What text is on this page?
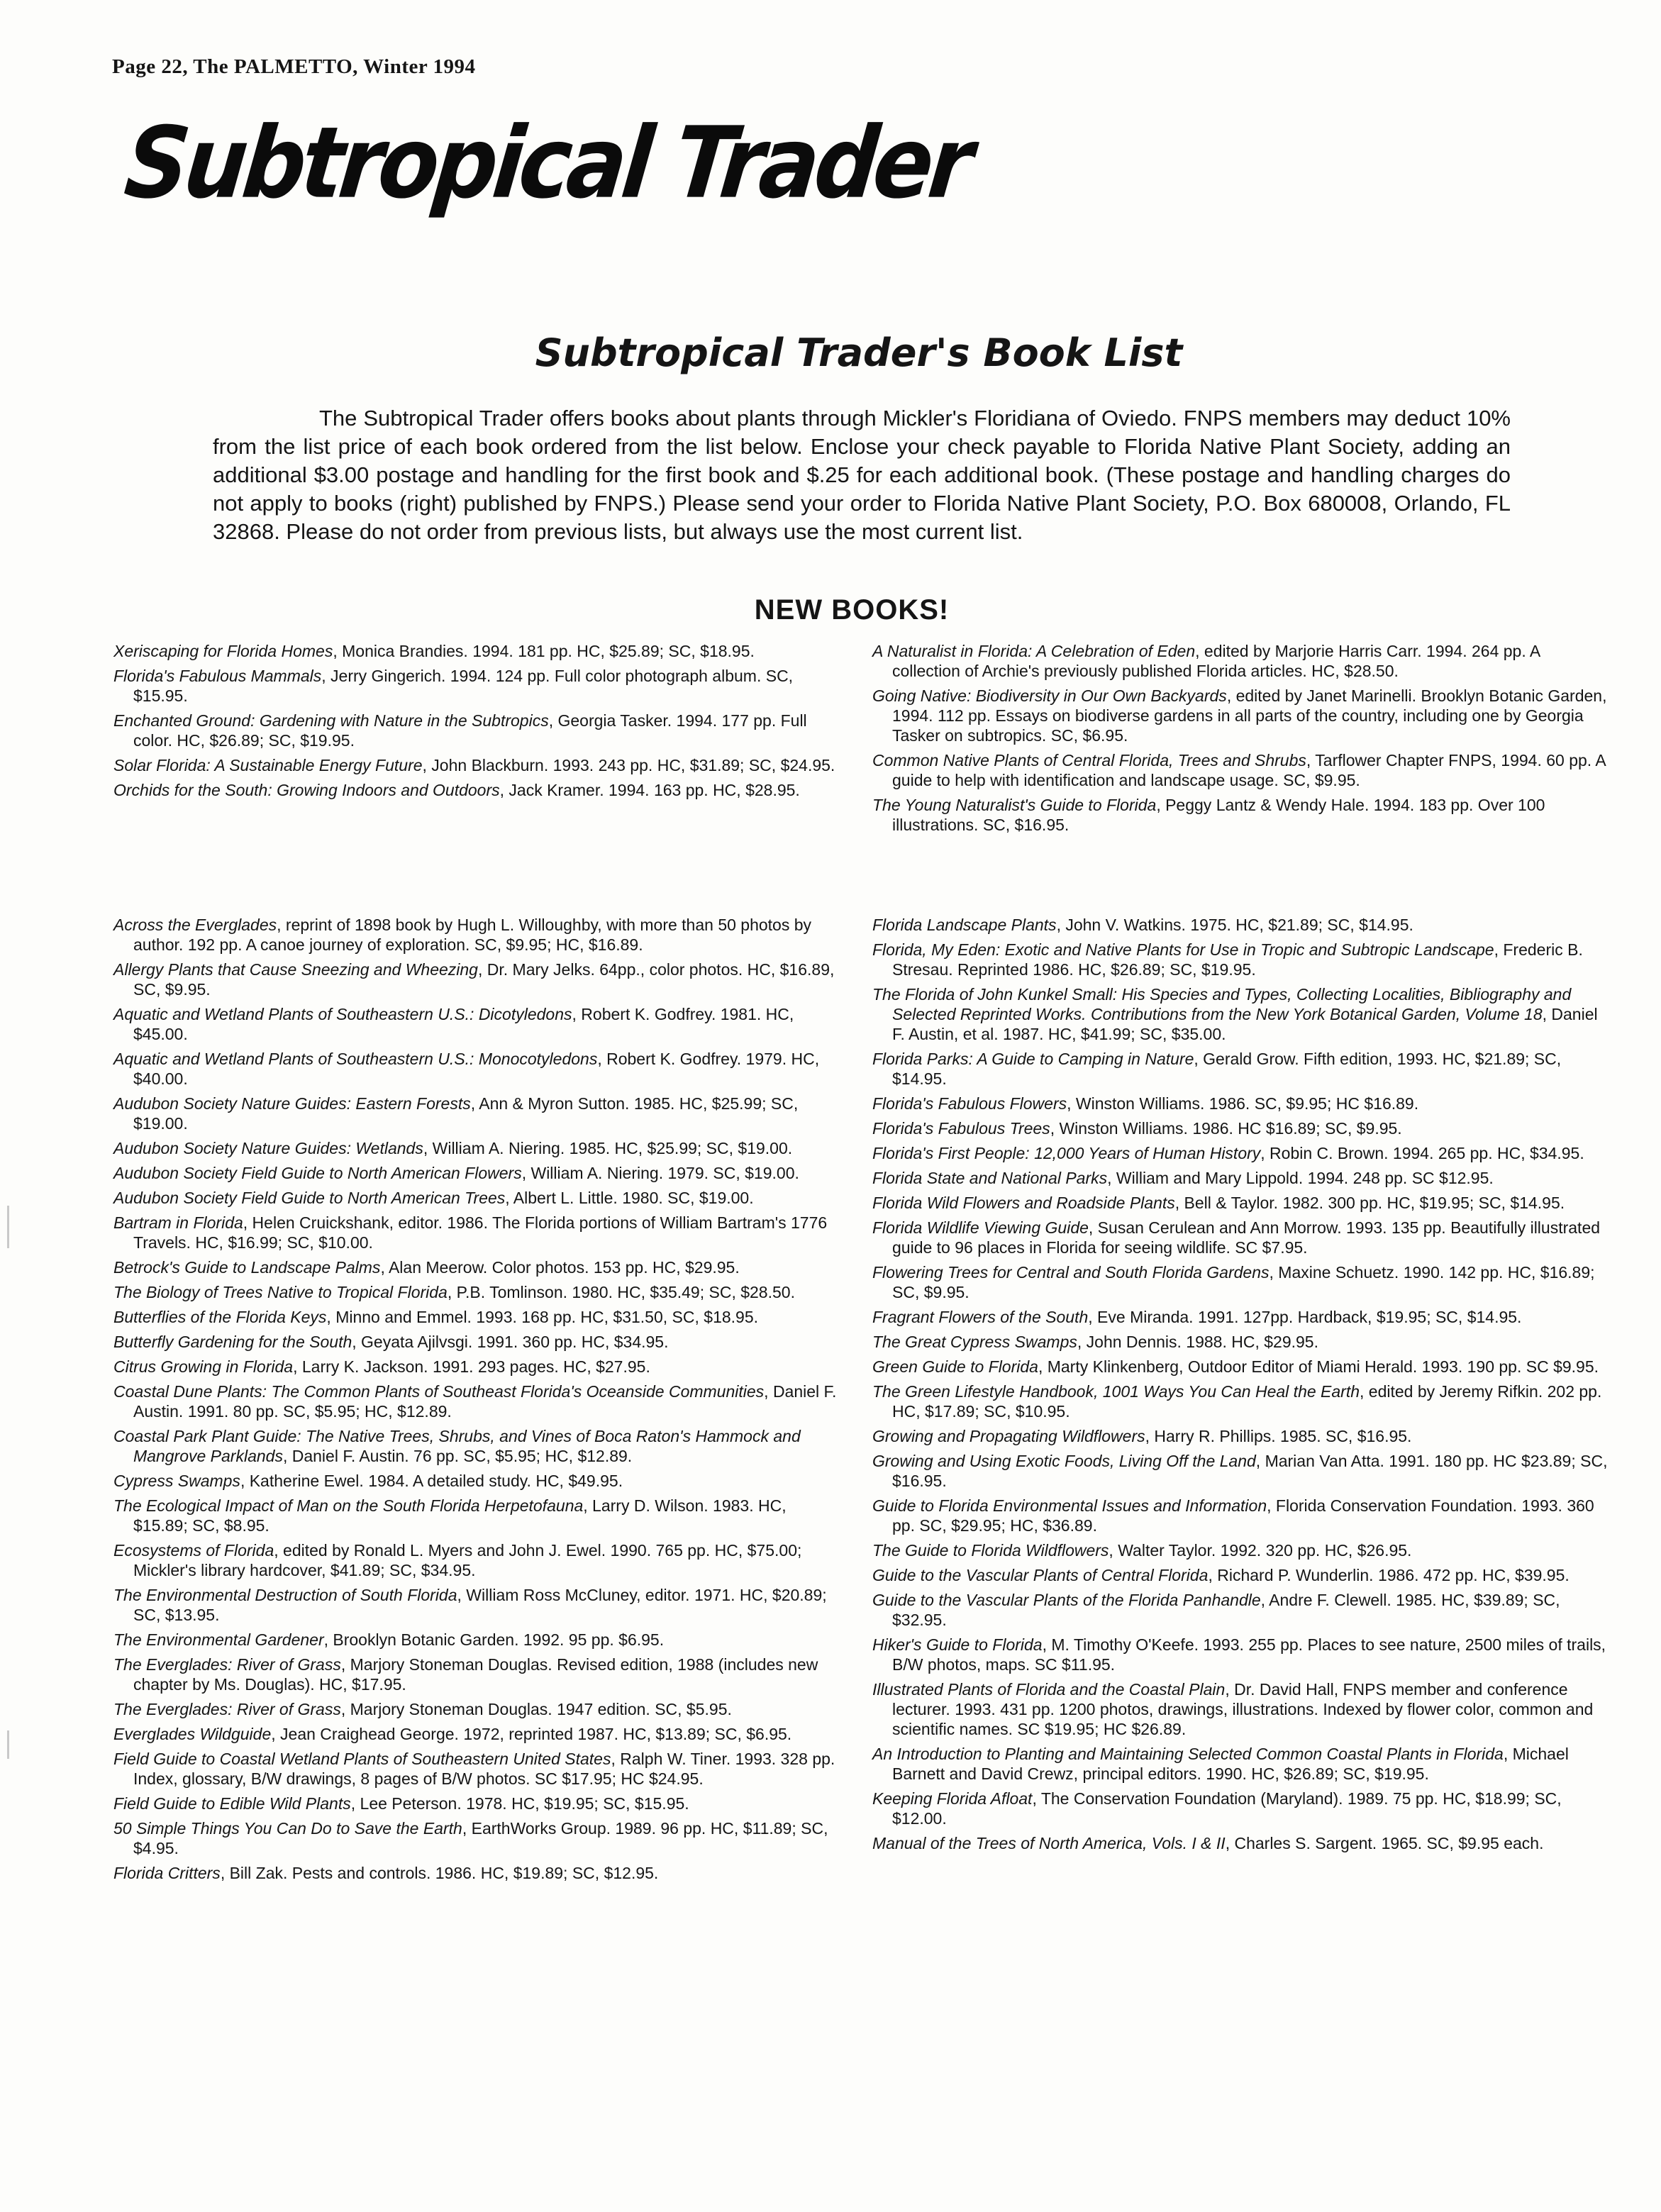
Page 22, The PALMETTO, Winter 1994
Subtropical Trader
Subtropical Trader's Book List
The Subtropical Trader offers books about plants through Mickler's Floridiana of Oviedo. FNPS members may deduct 10% from the list price of each book ordered from the list below. Enclose your check payable to Florida Native Plant Society, adding an additional $3.00 postage and handling for the first book and $.25 for each additional book. (These postage and handling charges do not apply to books (right) published by FNPS.) Please send your order to Florida Native Plant Society, P.O. Box 680008, Orlando, FL 32868. Please do not order from previous lists, but always use the most current list.
NEW BOOKS!
Xeriscaping for Florida Homes, Monica Brandies. 1994. 181 pp. HC, $25.89; SC, $18.95.
Florida's Fabulous Mammals, Jerry Gingerich. 1994. 124 pp. Full color photograph album. SC, $15.95.
Enchanted Ground: Gardening with Nature in the Subtropics, Georgia Tasker. 1994. 177 pp. Full color. HC, $26.89; SC, $19.95.
Solar Florida: A Sustainable Energy Future, John Blackburn. 1993. 243 pp. HC, $31.89; SC, $24.95.
Orchids for the South: Growing Indoors and Outdoors, Jack Kramer. 1994. 163 pp. HC, $28.95.
A Naturalist in Florida: A Celebration of Eden, edited by Marjorie Harris Carr. 1994. 264 pp. A collection of Archie's previously published Florida articles. HC, $28.50.
Going Native: Biodiversity in Our Own Backyards, edited by Janet Marinelli. Brooklyn Botanic Garden, 1994. 112 pp. Essays on biodiverse gardens in all parts of the country, including one by Georgia Tasker on subtropics. SC, $6.95.
Common Native Plants of Central Florida, Trees and Shrubs, Tarflower Chapter FNPS, 1994. 60 pp. A guide to help with identification and landscape usage. SC, $9.95.
The Young Naturalist's Guide to Florida, Peggy Lantz & Wendy Hale. 1994. 183 pp. Over 100 illustrations. SC, $16.95.
Across the Everglades, reprint of 1898 book by Hugh L. Willoughby, with more than 50 photos by author. 192 pp. A canoe journey of exploration. SC, $9.95; HC, $16.89.
Allergy Plants that Cause Sneezing and Wheezing, Dr. Mary Jelks. 64pp., color photos. HC, $16.89, SC, $9.95.
Aquatic and Wetland Plants of Southeastern U.S.: Dicotyledons, Robert K. Godfrey. 1981. HC, $45.00.
Aquatic and Wetland Plants of Southeastern U.S.: Monocotyledons, Robert K. Godfrey. 1979. HC, $40.00.
Audubon Society Nature Guides: Eastern Forests, Ann & Myron Sutton. 1985. HC, $25.99; SC, $19.00.
Audubon Society Nature Guides: Wetlands, William A. Niering. 1985. HC, $25.99; SC, $19.00.
Audubon Society Field Guide to North American Flowers, William A. Niering. 1979. SC, $19.00.
Audubon Society Field Guide to North American Trees, Albert L. Little. 1980. SC, $19.00.
Bartram in Florida, Helen Cruickshank, editor. 1986. The Florida portions of William Bartram's 1776 Travels. HC, $16.99; SC, $10.00.
Betrock's Guide to Landscape Palms, Alan Meerow. Color photos. 153 pp. HC, $29.95.
The Biology of Trees Native to Tropical Florida, P.B. Tomlinson. 1980. HC, $35.49; SC, $28.50.
Butterflies of the Florida Keys, Minno and Emmel. 1993. 168 pp. HC, $31.50, SC, $18.95.
Butterfly Gardening for the South, Geyata Ajilvsgi. 1991. 360 pp. HC, $34.95.
Citrus Growing in Florida, Larry K. Jackson. 1991. 293 pages. HC, $27.95.
Coastal Dune Plants: The Common Plants of Southeast Florida's Oceanside Communities, Daniel F. Austin. 1991. 80 pp. SC, $5.95; HC, $12.89.
Coastal Park Plant Guide: The Native Trees, Shrubs, and Vines of Boca Raton's Hammock and Mangrove Parklands, Daniel F. Austin. 76 pp. SC, $5.95; HC, $12.89.
Cypress Swamps, Katherine Ewel. 1984. A detailed study. HC, $49.95.
The Ecological Impact of Man on the South Florida Herpetofauna, Larry D. Wilson. 1983. HC, $15.89; SC, $8.95.
Ecosystems of Florida, edited by Ronald L. Myers and John J. Ewel. 1990. 765 pp. HC, $75.00; Mickler's library hardcover, $41.89; SC, $34.95.
The Environmental Destruction of South Florida, William Ross McCluney, editor. 1971. HC, $20.89; SC, $13.95.
The Environmental Gardener, Brooklyn Botanic Garden. 1992. 95 pp. $6.95.
The Everglades: River of Grass, Marjory Stoneman Douglas. Revised edition, 1988 (includes new chapter by Ms. Douglas). HC, $17.95.
The Everglades: River of Grass, Marjory Stoneman Douglas. 1947 edition. SC, $5.95.
Everglades Wildguide, Jean Craighead George. 1972, reprinted 1987. HC, $13.89; SC, $6.95.
Field Guide to Coastal Wetland Plants of Southeastern United States, Ralph W. Tiner. 1993. 328 pp. Index, glossary, B/W drawings, 8 pages of B/W photos. SC $17.95; HC $24.95.
Field Guide to Edible Wild Plants, Lee Peterson. 1978. HC, $19.95; SC, $15.95.
50 Simple Things You Can Do to Save the Earth, EarthWorks Group. 1989. 96 pp. HC, $11.89; SC, $4.95.
Florida Critters, Bill Zak. Pests and controls. 1986. HC, $19.89; SC, $12.95.
Florida Landscape Plants, John V. Watkins. 1975. HC, $21.89; SC, $14.95.
Florida, My Eden: Exotic and Native Plants for Use in Tropic and Subtropic Landscape, Frederic B. Stresau. Reprinted 1986. HC, $26.89; SC, $19.95.
The Florida of John Kunkel Small: His Species and Types, Collecting Localities, Bibliography and Selected Reprinted Works. Contributions from the New York Botanical Garden, Volume 18, Daniel F. Austin, et al. 1987. HC, $41.99; SC, $35.00.
Florida Parks: A Guide to Camping in Nature, Gerald Grow. Fifth edition, 1993. HC, $21.89; SC, $14.95.
Florida's Fabulous Flowers, Winston Williams. 1986. SC, $9.95; HC $16.89.
Florida's Fabulous Trees, Winston Williams. 1986. HC $16.89; SC, $9.95.
Florida's First People: 12,000 Years of Human History, Robin C. Brown. 1994. 265 pp. HC, $34.95.
Florida State and National Parks, William and Mary Lippold. 1994. 248 pp. SC $12.95.
Florida Wild Flowers and Roadside Plants, Bell & Taylor. 1982. 300 pp. HC, $19.95; SC, $14.95.
Florida Wildlife Viewing Guide, Susan Cerulean and Ann Morrow. 1993. 135 pp. Beautifully illustrated guide to 96 places in Florida for seeing wildlife. SC $7.95.
Flowering Trees for Central and South Florida Gardens, Maxine Schuetz. 1990. 142 pp. HC, $16.89; SC, $9.95.
Fragrant Flowers of the South, Eve Miranda. 1991. 127pp. Hardback, $19.95; SC, $14.95.
The Great Cypress Swamps, John Dennis. 1988. HC, $29.95.
Green Guide to Florida, Marty Klinkenberg, Outdoor Editor of Miami Herald. 1993. 190 pp. SC $9.95.
The Green Lifestyle Handbook, 1001 Ways You Can Heal the Earth, edited by Jeremy Rifkin. 202 pp. HC, $17.89; SC, $10.95.
Growing and Propagating Wildflowers, Harry R. Phillips. 1985. SC, $16.95.
Growing and Using Exotic Foods, Living Off the Land, Marian Van Atta. 1991. 180 pp. HC $23.89; SC, $16.95.
Guide to Florida Environmental Issues and Information, Florida Conservation Foundation. 1993. 360 pp. SC, $29.95; HC, $36.89.
The Guide to Florida Wildflowers, Walter Taylor. 1992. 320 pp. HC, $26.95.
Guide to the Vascular Plants of Central Florida, Richard P. Wunderlin. 1986. 472 pp. HC, $39.95.
Guide to the Vascular Plants of the Florida Panhandle, Andre F. Clewell. 1985. HC, $39.89; SC, $32.95.
Hiker's Guide to Florida, M. Timothy O'Keefe. 1993. 255 pp. Places to see nature, 2500 miles of trails, B/W photos, maps. SC $11.95.
Illustrated Plants of Florida and the Coastal Plain, Dr. David Hall, FNPS member and conference lecturer. 1993. 431 pp. 1200 photos, drawings, illustrations. Indexed by flower color, common and scientific names. SC $19.95; HC $26.89.
An Introduction to Planting and Maintaining Selected Common Coastal Plants in Florida, Michael Barnett and David Crewz, principal editors. 1990. HC, $26.89; SC, $19.95.
Keeping Florida Afloat, The Conservation Foundation (Maryland). 1989. 75 pp. HC, $18.99; SC, $12.00.
Manual of the Trees of North America, Vols. I & II, Charles S. Sargent. 1965. SC, $9.95 each.
